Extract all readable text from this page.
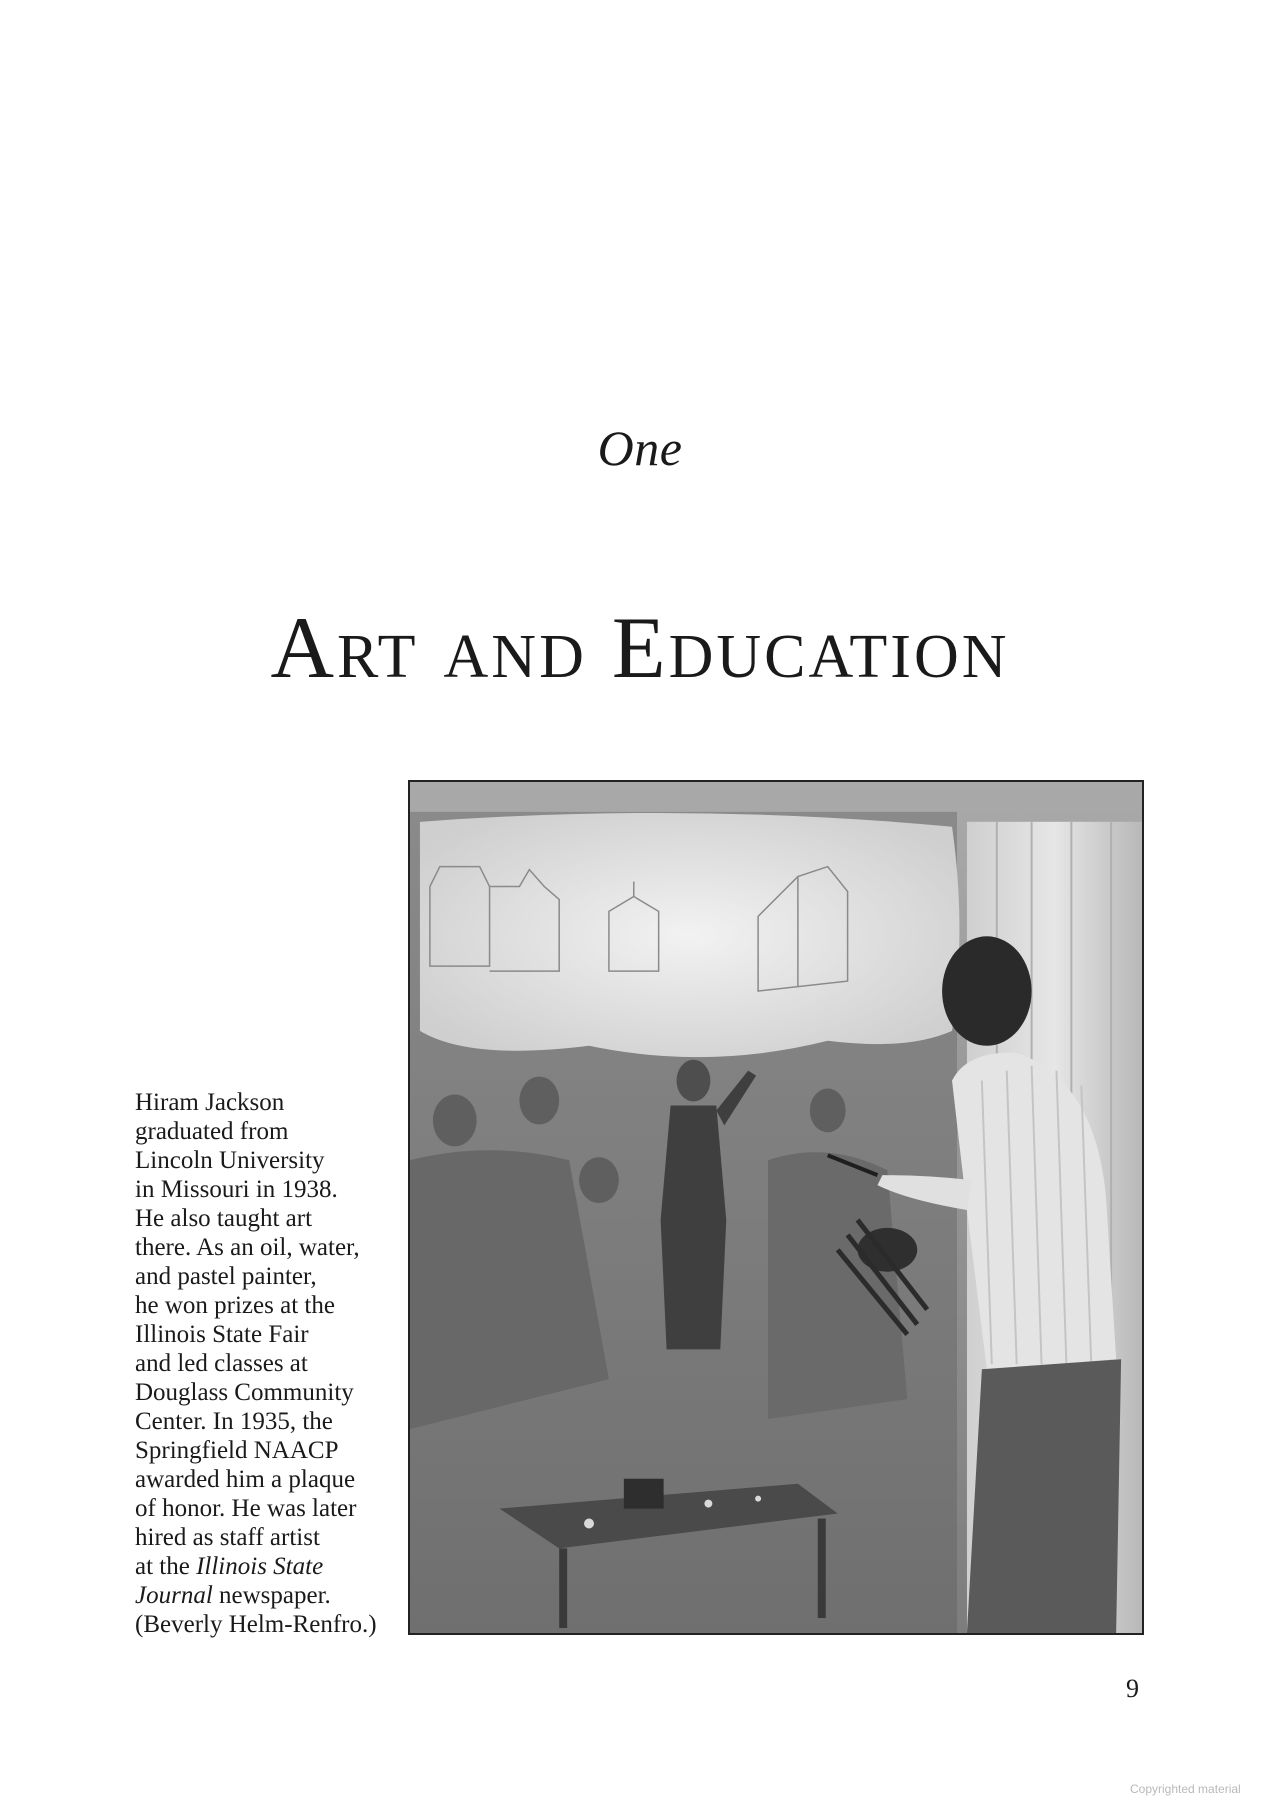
One
Art and Education
Hiram Jackson
graduated from
Lincoln University
in Missouri in 1938.
He also taught art
there. As an oil, water,
and pastel painter,
he won prizes at the
Illinois State Fair
and led classes at
Douglass Community
Center. In 1935, the
Springfield NAACP
awarded him a plaque
of honor. He was later
hired as staff artist
at the Illinois State
Journal newspaper.
(Beverly Helm-Renfro.)
9
Copyrighted material
